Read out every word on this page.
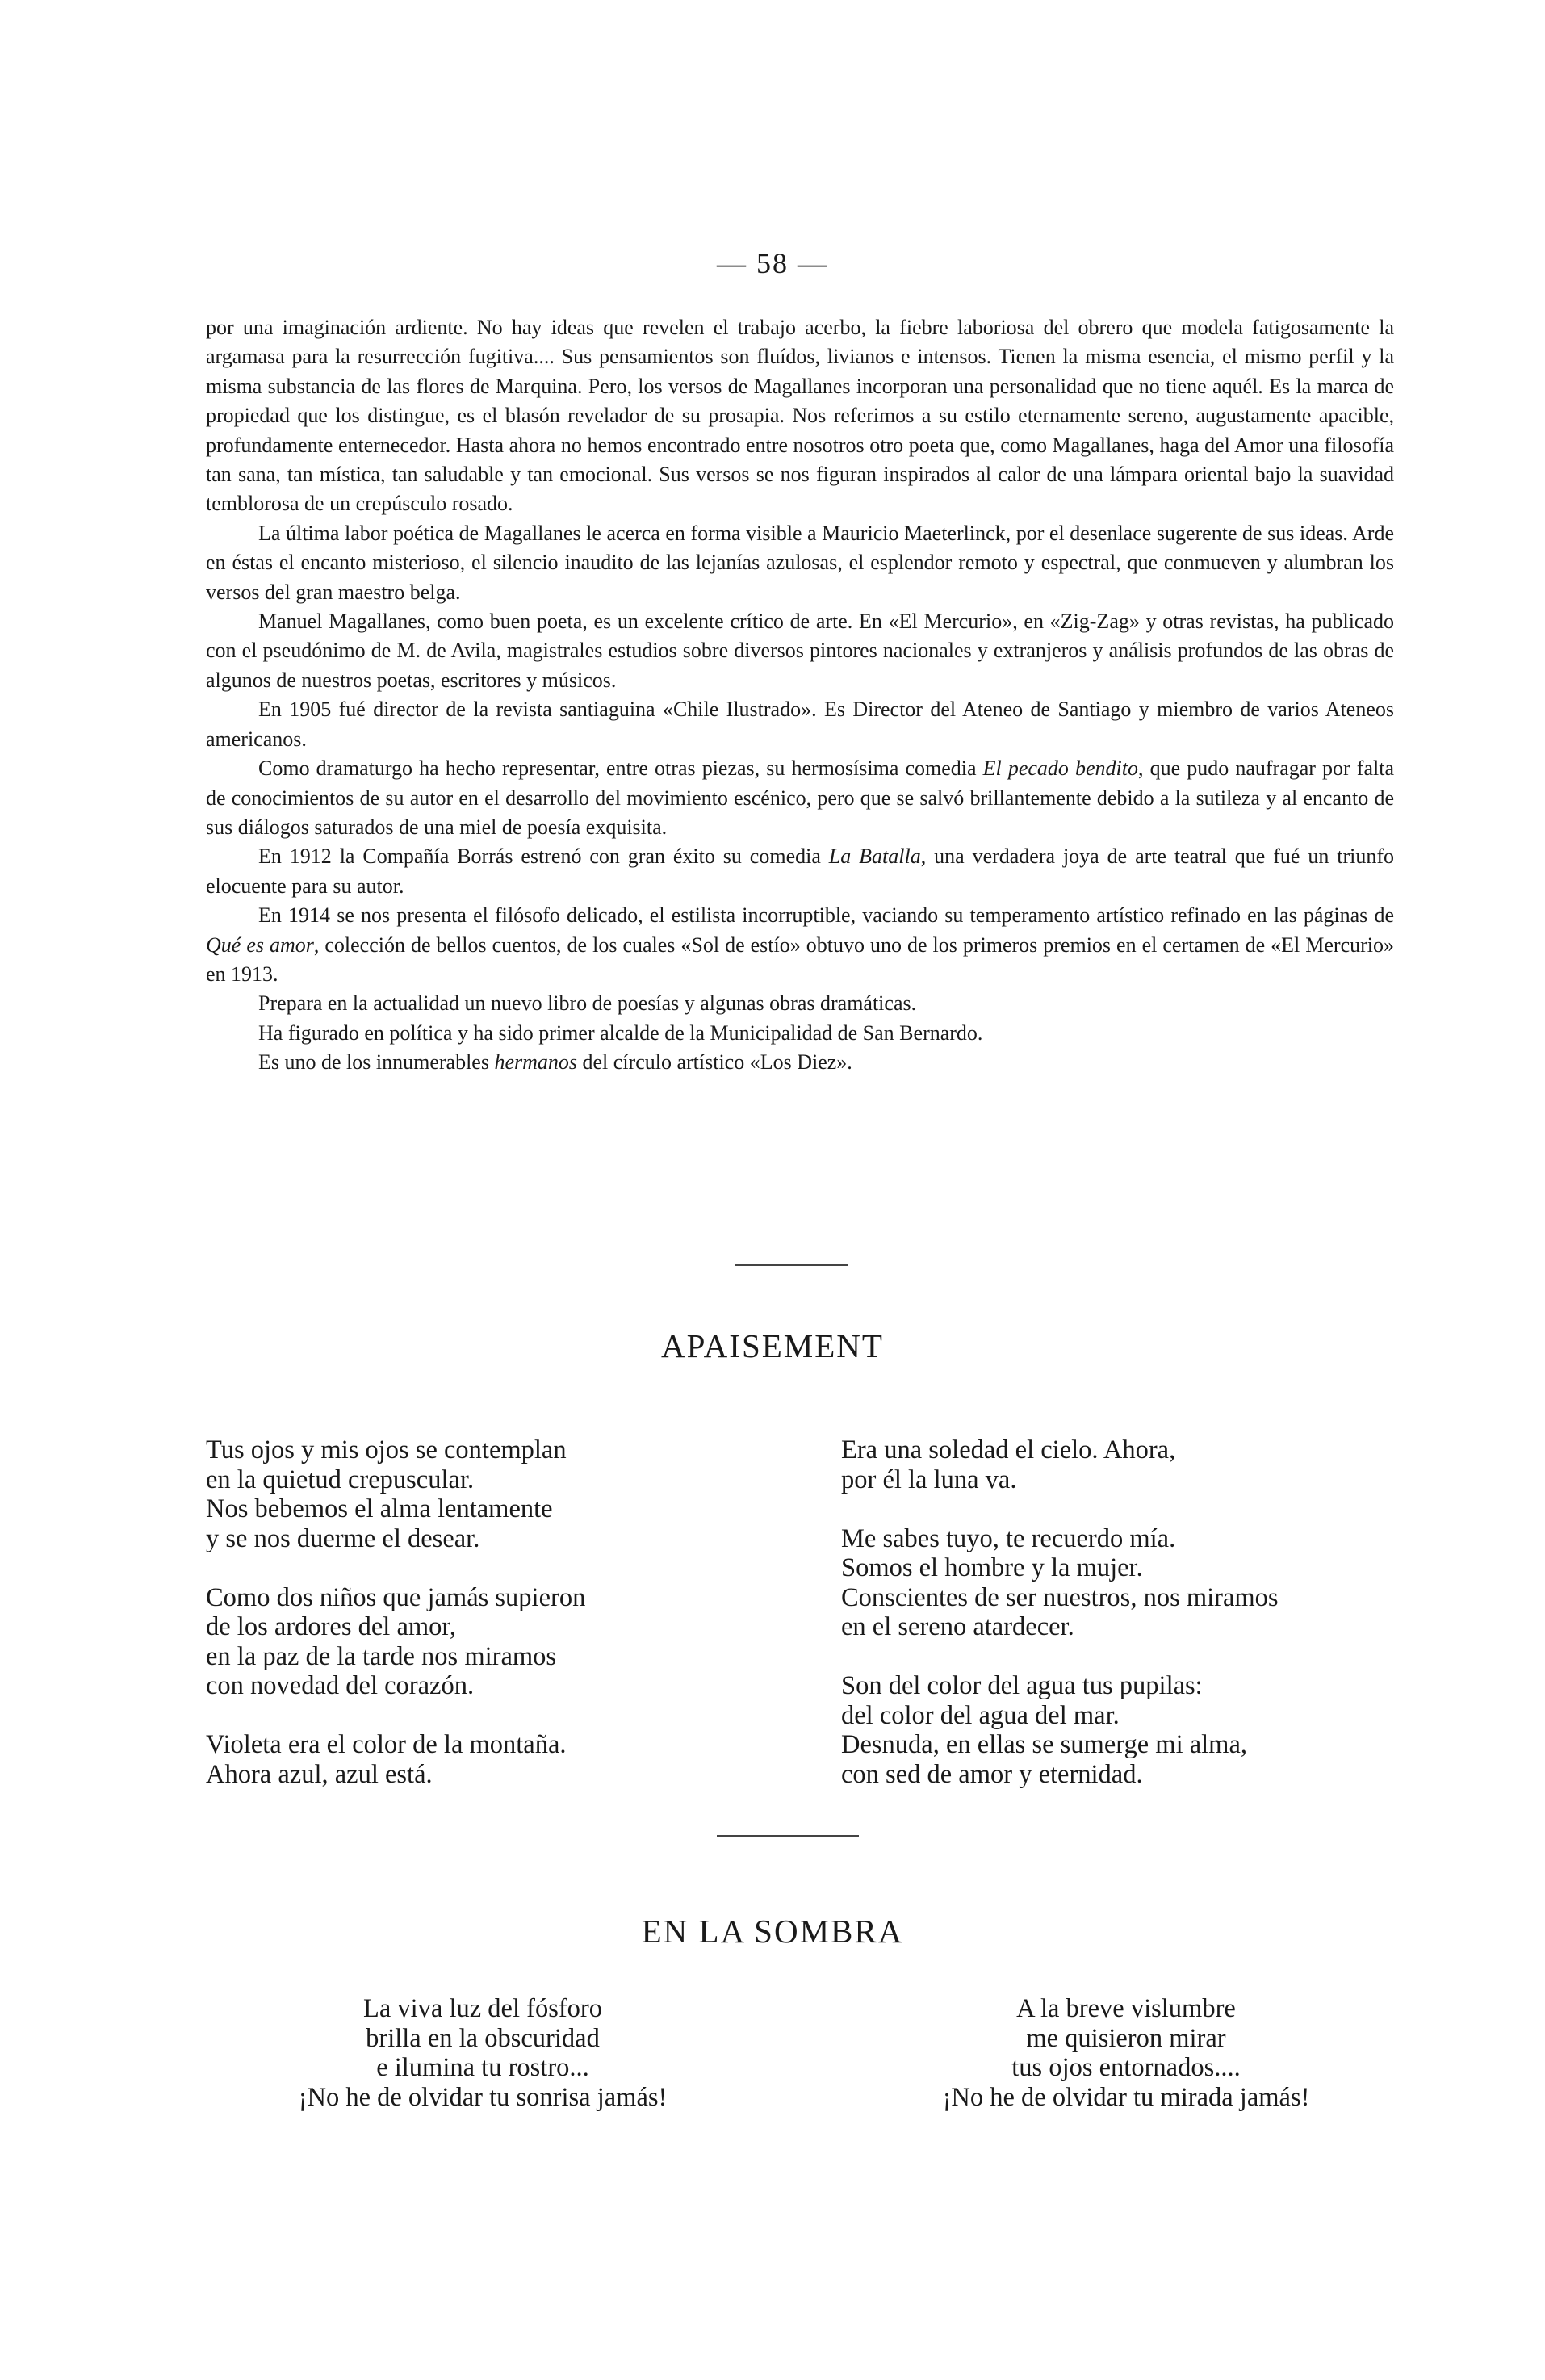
— 58 —

por una imaginación ardiente. No hay ideas que revelen el trabajo acerbo, la fiebre laboriosa del obrero que modela fatigosamente la argamasa para la resurrección fugitiva.... Sus pensamientos son fluídos, livianos e intensos. Tienen la misma esencia, el mismo perfil y la misma substancia de las flores de Marquina. Pero, los versos de Magallanes incorporan una personalidad que no tiene aquél. Es la marca de propiedad que los distingue, es el blasón revelador de su prosapia. Nos referimos a su estilo eternamente sereno, augustamente apacible, profundamente enternecedor. Hasta ahora no hemos encontrado entre nosotros otro poeta que, como Magallanes, haga del Amor una filosofía tan sana, tan mística, tan saludable y tan emocional. Sus versos se nos figuran inspirados al calor de una lámpara oriental bajo la suavidad temblorosa de un crepúsculo rosado.

La última labor poética de Magallanes le acerca en forma visible a Mauricio Maeterlinck, por el desenlace sugerente de sus ideas. Arde en éstas el encanto misterioso, el silencio inaudito de las lejanías azulosas, el esplendor remoto y espectral, que conmueven y alumbran los versos del gran maestro belga.

Manuel Magallanes, como buen poeta, es un excelente crítico de arte. En «El Mercurio», en «Zig-Zag» y otras revistas, ha publicado con el pseudónimo de M. de Avila, magistrales estudios sobre diversos pintores nacionales y extranjeros y análisis profundos de las obras de algunos de nuestros poetas, escritores y músicos.

En 1905 fué director de la revista santiaguina «Chile Ilustrado». Es Director del Ateneo de Santiago y miembro de varios Ateneos americanos.

Como dramaturgo ha hecho representar, entre otras piezas, su hermosísima comedia El pecado bendito, que pudo naufragar por falta de conocimientos de su autor en el desarrollo del movimiento escénico, pero que se salvó brillantemente debido a la sutileza y al encanto de sus diálogos saturados de una miel de poesía exquisita.

En 1912 la Compañía Borrás estrenó con gran éxito su comedia La Batalla, una verdadera joya de arte teatral que fué un triunfo elocuente para su autor.

En 1914 se nos presenta el filósofo delicado, el estilista incorruptible, vaciando su temperamento artístico refinado en las páginas de Qué es amor, colección de bellos cuentos, de los cuales «Sol de estío» obtuvo uno de los primeros premios en el certamen de «El Mercurio» en 1913.

Prepara en la actualidad un nuevo libro de poesías y algunas obras dramáticas.

Ha figurado en política y ha sido primer alcalde de la Municipalidad de San Bernardo.

Es uno de los innumerables hermanos del círculo artístico «Los Diez».

APAISEMENT
Tus ojos y mis ojos se contemplan
en la quietud crepuscular.
Nos bebemos el alma lentamente
y se nos duerme el desear.
Como dos niños que jamás supieron
de los ardores del amor,
en la paz de la tarde nos miramos
con novedad del corazón.
Violeta era el color de la montaña.
Ahora azul, azul está.
Era una soledad el cielo. Ahora,
por él la luna va.
Me sabes tuyo, te recuerdo mía.
Somos el hombre y la mujer.
Conscientes de ser nuestros, nos miramos
en el sereno atardecer.
Son del color del agua tus pupilas:
del color del agua del mar.
Desnuda, en ellas se sumerge mi alma,
con sed de amor y eternidad.
EN LA SOMBRA
La viva luz del fósforo
brilla en la obscuridad
e ilumina tu rostro...
¡No he de olvidar tu sonrisa jamás!
A la breve vislumbre
me quisieron mirar
tus ojos entornados....
¡No he de olvidar tu mirada jamás!
